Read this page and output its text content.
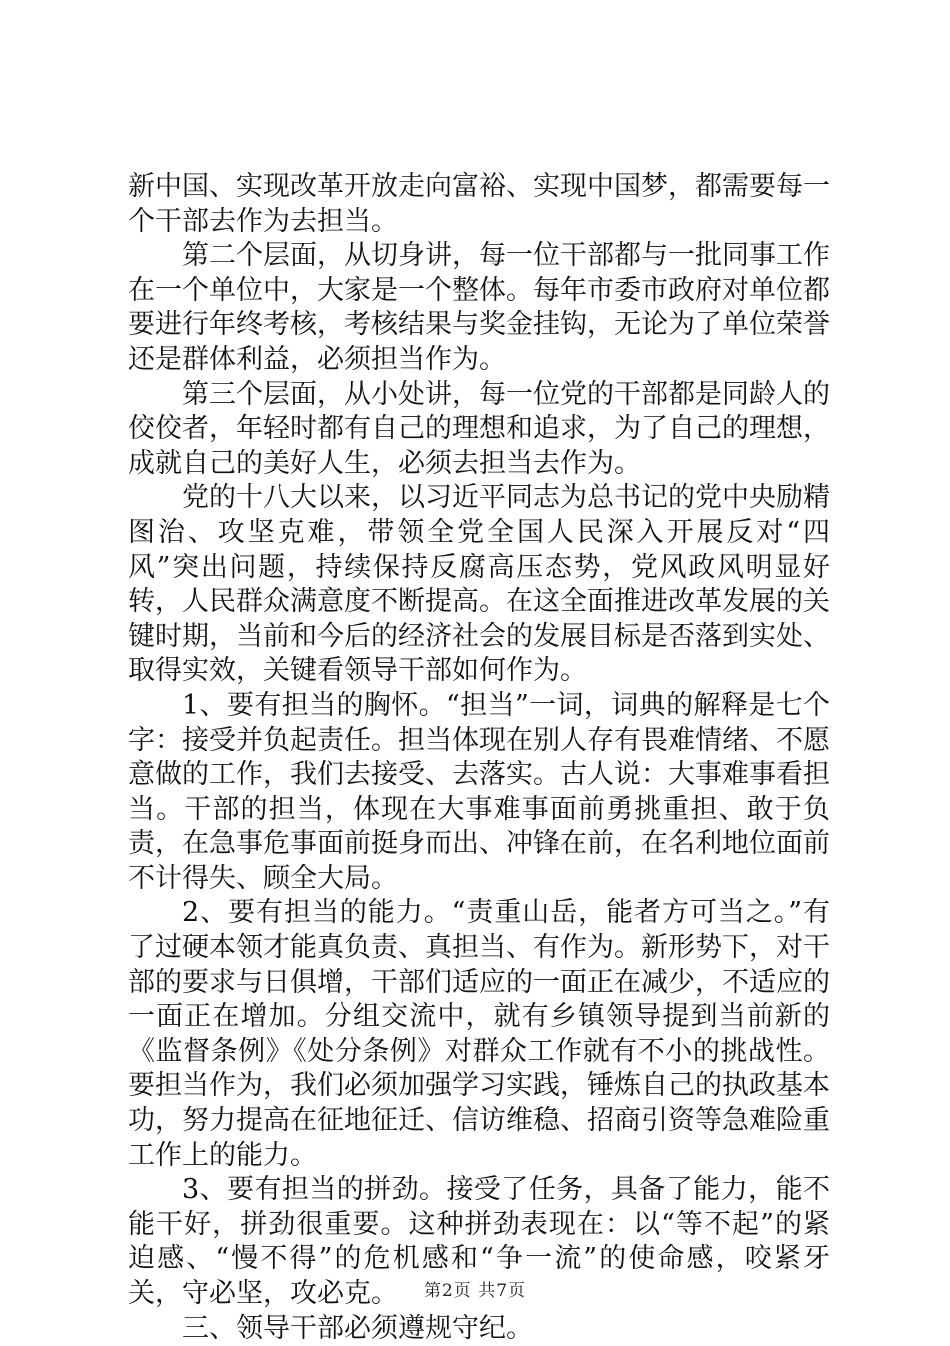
新中国、实现改革开放走向富裕、实现中国梦，都需要每一个干部去作为去担当。

第二个层面，从切身讲，每一位干部都与一批同事工作在一个单位中，大家是一个整体。每年市委市政府对单位都要进行年终考核，考核结果与奖金挂钩，无论为了单位荣誉还是群体利益，必须担当作为。

第三个层面，从小处讲，每一位党的干部都是同龄人的佼佼者，年轻时都有自己的理想和追求，为了自己的理想，成就自己的美好人生，必须去担当去作为。

党的十八大以来，以习近平同志为总书记的党中央励精图治、攻坚克难，带领全党全国人民深入开展反对“四风”突出问题，持续保持反腐高压态势，党风政风明显好转，人民群众满意度不断提高。在这全面推进改革发展的关键时期，当前和今后的经济社会的发展目标是否落到实处、取得实效，关键看领导干部如何作为。

1、要有担当的胸怀。“担当”一词，词典的解释是七个字：接受并负起责任。担当体现在别人存有畏难情绪、不愿意做的工作，我们去接受、去落实。古人说：大事难事看担当。干部的担当，体现在大事难事面前勇挑重担、敢于负责，在急事危事面前挺身而出、冲锋在前，在名利地位面前不计得失、顾全大局。

2、要有担当的能力。“责重山岳，能者方可当之。”有了过硬本领才能真负责、真担当、有作为。新形势下，对干部的要求与日俱增，干部们适应的一面正在减少，不适应的一面正在增加。分组交流中，就有乡镇领导提到当前新的《监督条例》《处分条例》对群众工作就有不小的挑战性。要担当作为，我们必须加强学习实践，锤炼自己的执政基本功，努力提高在征地征迁、信访维稳、招商引资等急难险重工作上的能力。

3、要有担当的拼劲。接受了任务，具备了能力，能不能干好，拼劲很重要。这种拼劲表现在：以“等不起”的紧迫感、“慢不得”的危机感和“争一流”的使命感，咬紧牙关，守必坚，攻必克。

三、领导干部必须遵规守纪。

第2页 共7页
